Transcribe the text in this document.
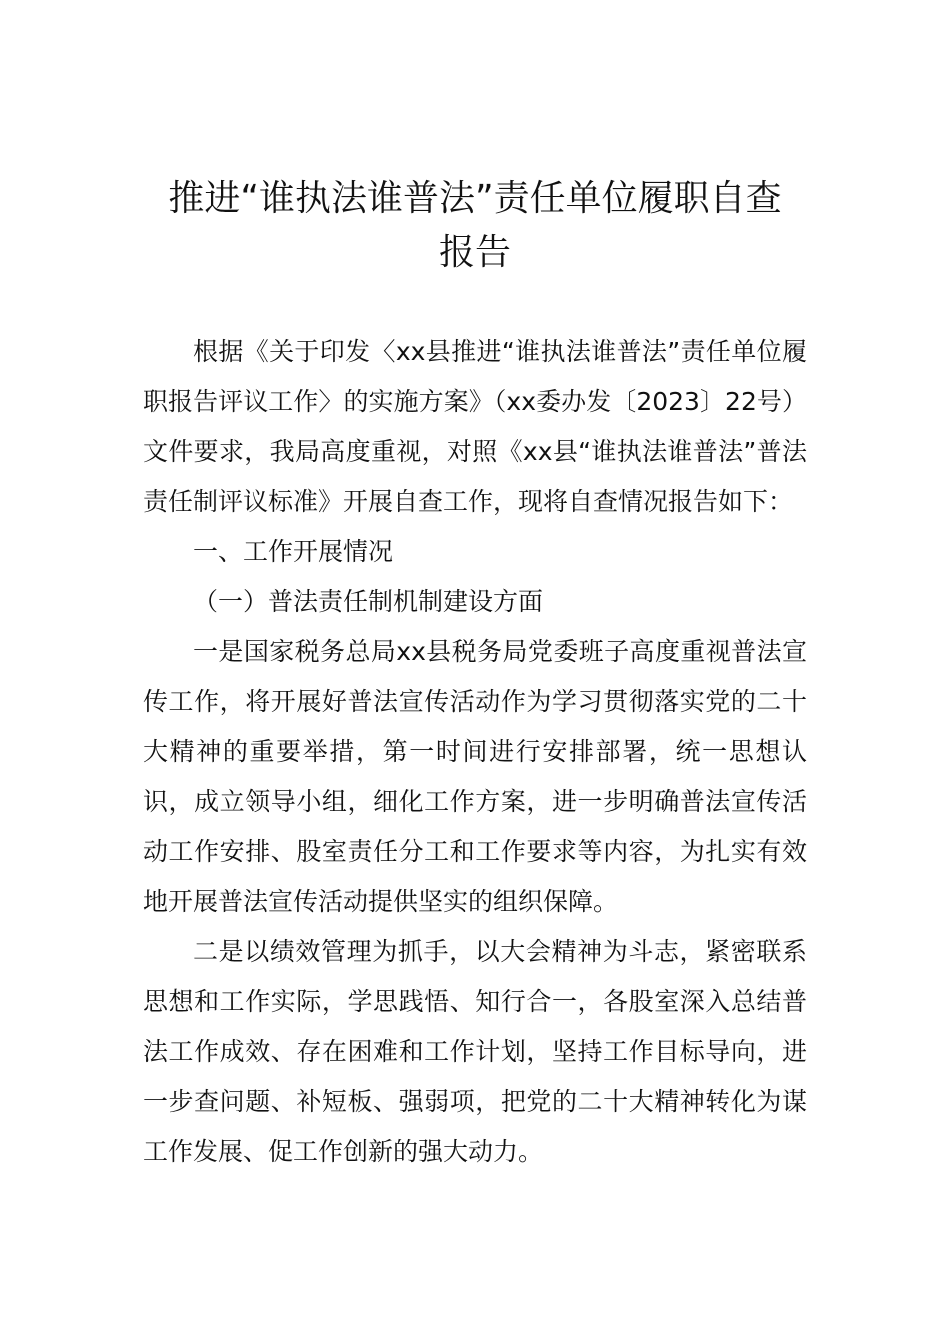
推进“谁执法谁普法”责任单位履职自查
报告

根据《关于印发〈xx县推进“谁执法谁普法”责任单位履职报告评议工作〉的实施方案》（xx委办发〔2023〕22号）文件要求，我局高度重视，对照《xx县“谁执法谁普法”普法责任制评议标准》开展自查工作，现将自查情况报告如下：

一、工作开展情况

（一）普法责任制机制建设方面

一是国家税务总局xx县税务局党委班子高度重视普法宣传工作，将开展好普法宣传活动作为学习贯彻落实党的二十大精神的重要举措，第一时间进行安排部署，统一思想认识，成立领导小组，细化工作方案，进一步明确普法宣传活动工作安排、股室责任分工和工作要求等内容，为扎实有效地开展普法宣传活动提供坚实的组织保障。

二是以绩效管理为抓手，以大会精神为斗志，紧密联系思想和工作实际，学思践悟、知行合一，各股室深入总结普法工作成效、存在困难和工作计划，坚持工作目标导向，进一步查问题、补短板、强弱项，把党的二十大精神转化为谋工作发展、促工作创新的强大动力。
